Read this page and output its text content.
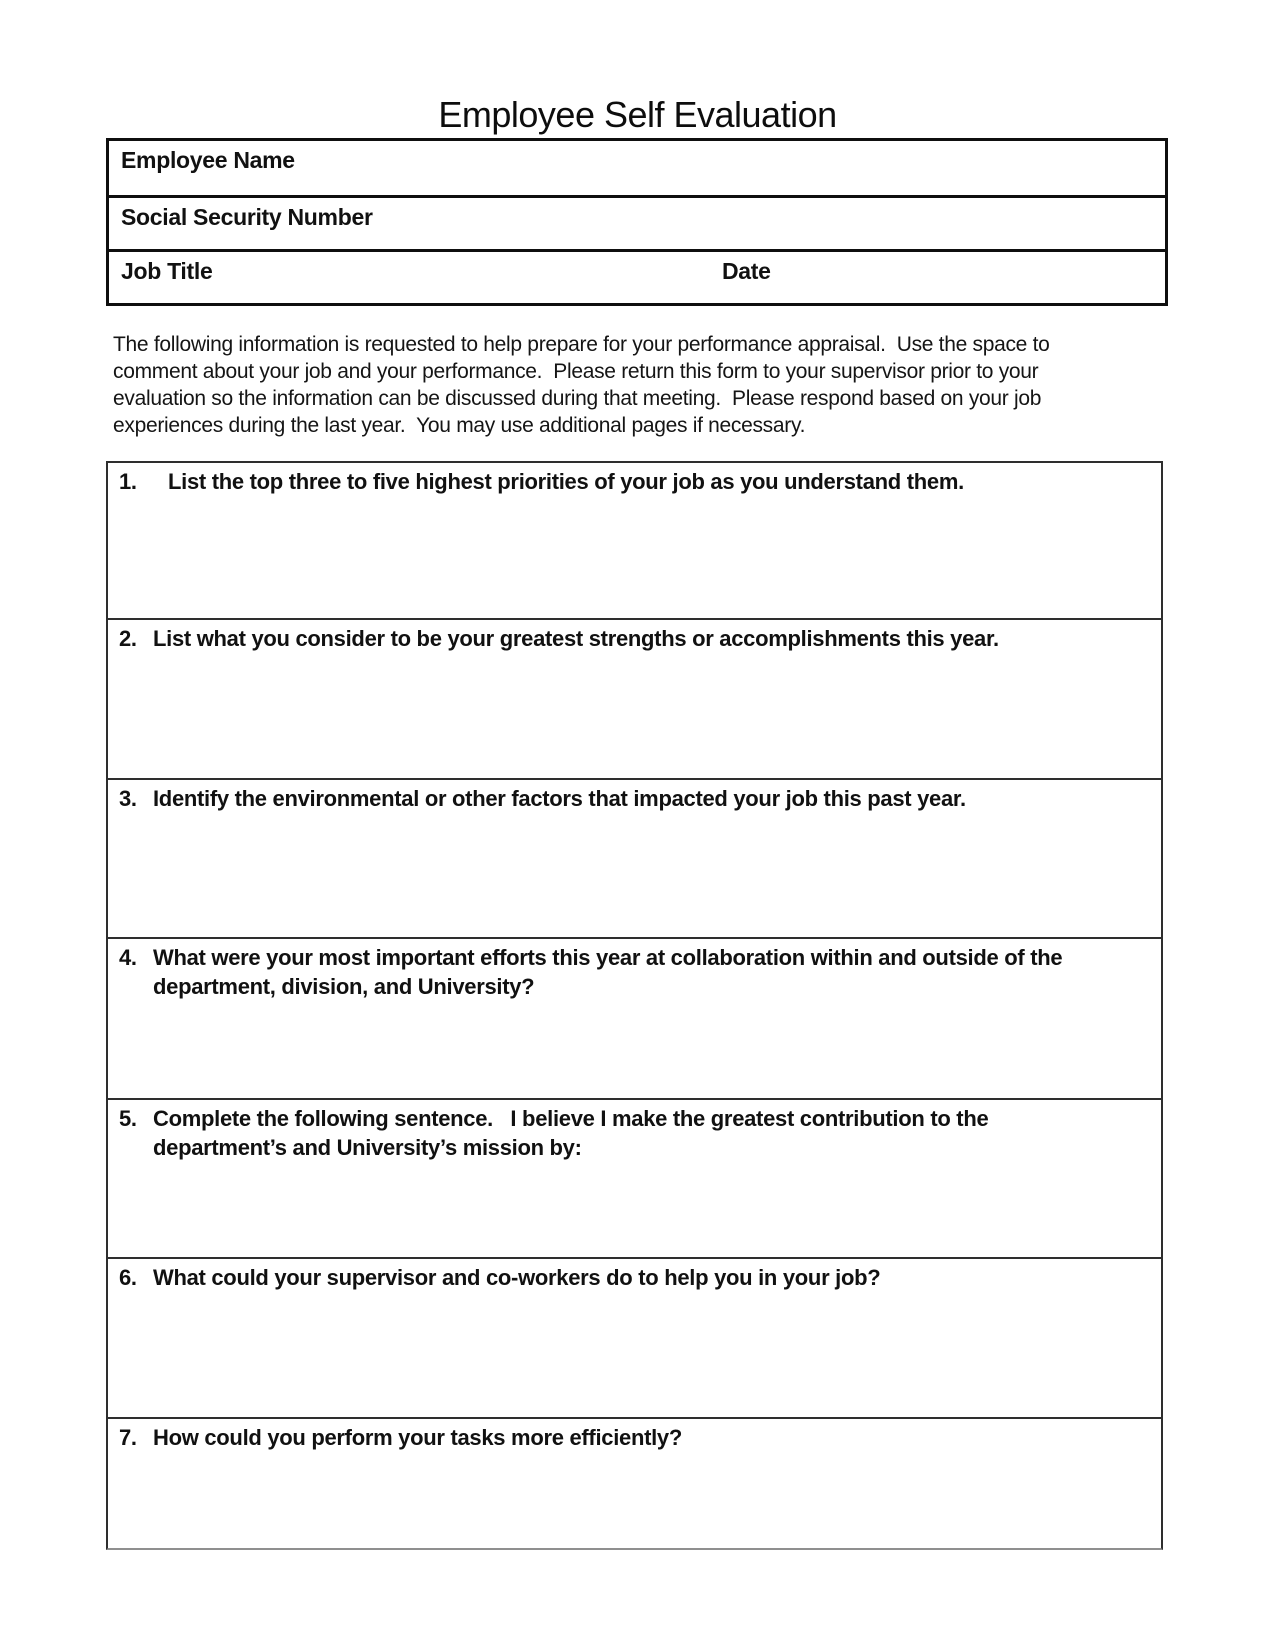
Employee Self Evaluation
Employee Name
Social Security Number
Job Title	Date
The following information is requested to help prepare for your performance appraisal.  Use the space to
comment about your job and your performance.  Please return this form to your supervisor prior to your
evaluation so the information can be discussed during that meeting.  Please respond based on your job
experiences during the last year.  You may use additional pages if necessary.
1.	List the top three to five highest priorities of your job as you understand them.
2. List what you consider to be your greatest strengths or accomplishments this year.
3. Identify the environmental or other factors that impacted your job this past year.
4. What were your most important efforts this year at collaboration within and outside of the
department, division, and University?
5. Complete the following sentence.   I believe I make the greatest contribution to the
department’s and University’s mission by:
6. What could your supervisor and co-workers do to help you in your job?
7. How could you perform your tasks more efficiently?
